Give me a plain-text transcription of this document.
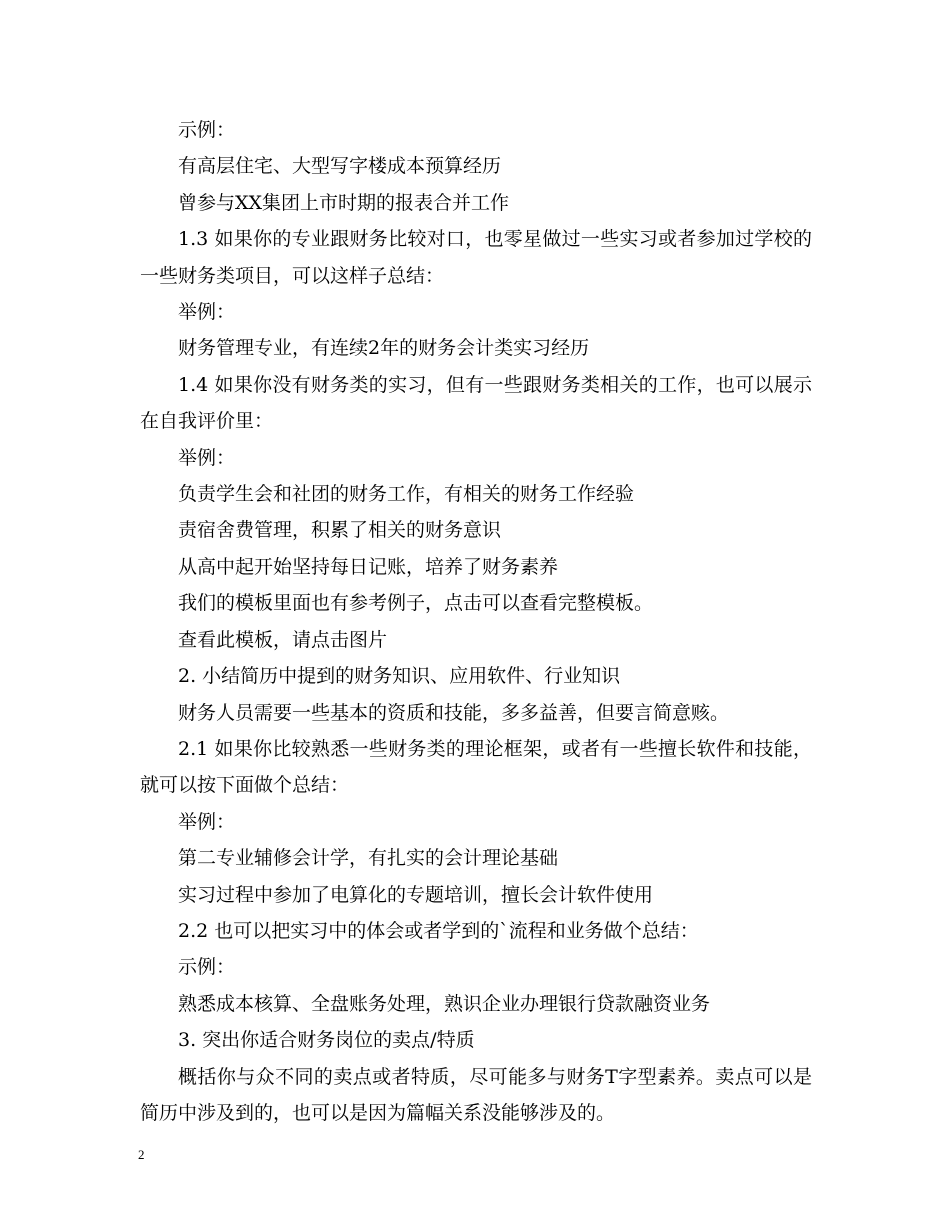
示例：

有高层住宅、大型写字楼成本预算经历

曾参与XX集团上市时期的报表合并工作

1.3 如果你的专业跟财务比较对口，也零星做过一些实习或者参加过学校的一些财务类项目，可以这样子总结：

举例：

财务管理专业，有连续2年的财务会计类实习经历

1.4 如果你没有财务类的实习，但有一些跟财务类相关的工作，也可以展示在自我评价里：

举例：

负责学生会和社团的财务工作，有相关的财务工作经验

责宿舍费管理，积累了相关的财务意识

从高中起开始坚持每日记账，培养了财务素养

我们的模板里面也有参考例子，点击可以查看完整模板。

查看此模板，请点击图片

2. 小结简历中提到的财务知识、应用软件、行业知识

财务人员需要一些基本的资质和技能，多多益善，但要言简意赅。

2.1 如果你比较熟悉一些财务类的理论框架，或者有一些擅长软件和技能，就可以按下面做个总结：

举例：

第二专业辅修会计学，有扎实的会计理论基础

实习过程中参加了电算化的专题培训，擅长会计软件使用

2.2 也可以把实习中的体会或者学到的`流程和业务做个总结：

示例：

熟悉成本核算、全盘账务处理，熟识企业办理银行贷款融资业务

3. 突出你适合财务岗位的卖点/特质

概括你与众不同的卖点或者特质，尽可能多与财务T字型素养。卖点可以是简历中涉及到的，也可以是因为篇幅关系没能够涉及的。

2
